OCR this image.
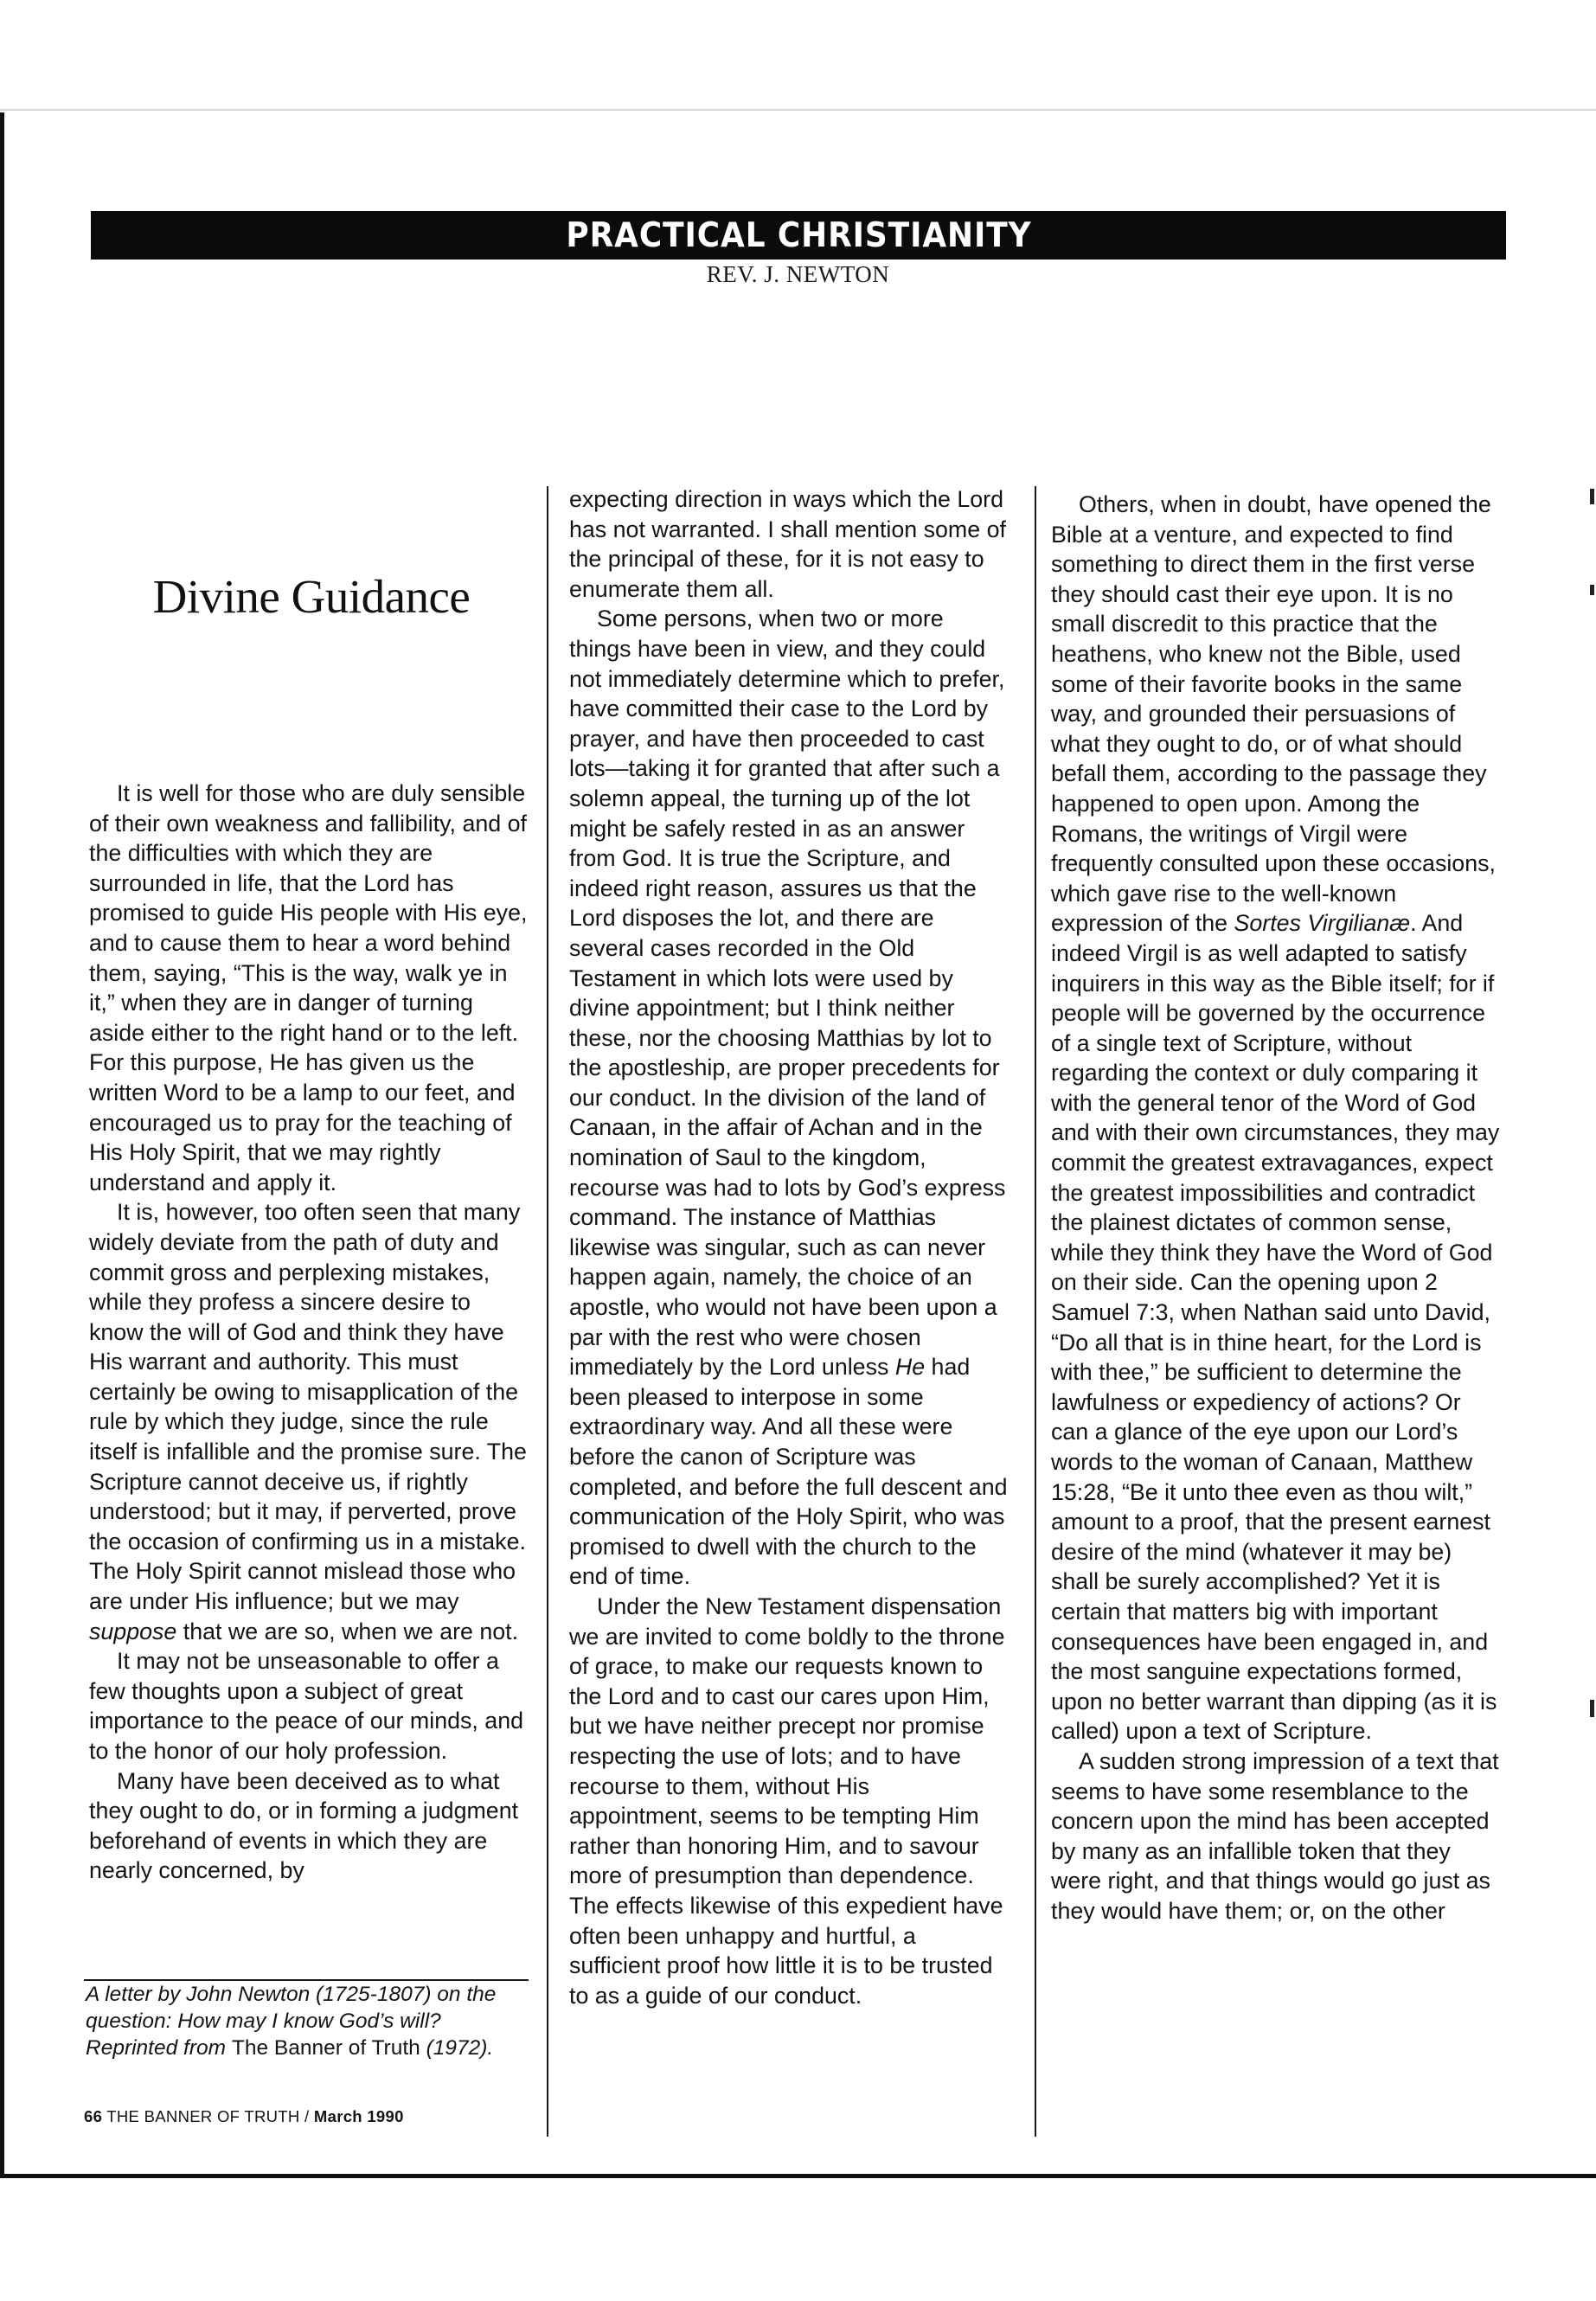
PRACTICAL CHRISTIANITY
REV. J. NEWTON
Divine Guidance

It is well for those who are duly sensible of their own weakness and fallibility, and of the difficulties with which they are surrounded in life, that the Lord has promised to guide His people with His eye, and to cause them to hear a word behind them, saying, “This is the way, walk ye in it,” when they are in danger of turning aside either to the right hand or to the left. For this purpose, He has given us the written Word to be a lamp to our feet, and encouraged us to pray for the teaching of His Holy Spirit, that we may rightly understand and apply it.

It is, however, too often seen that many widely deviate from the path of duty and commit gross and perplexing mistakes, while they profess a sincere desire to know the will of God and think they have His warrant and authority. This must certainly be owing to misapplication of the rule by which they judge, since the rule itself is infallible and the promise sure. The Scripture cannot deceive us, if rightly understood; but it may, if perverted, prove the occasion of confirming us in a mistake. The Holy Spirit cannot mislead those who are under His influence; but we may suppose that we are so, when we are not.

It may not be unseasonable to offer a few thoughts upon a subject of great importance to the peace of our minds, and to the honor of our holy profession.

Many have been deceived as to what they ought to do, or in forming a judgment beforehand of events in which they are nearly concerned, by

A letter by John Newton (1725-1807) on the
question: How may I know God’s will?
Reprinted from The Banner of Truth (1972).
66 THE BANNER OF TRUTH / March 1990

expecting direction in ways which the Lord has not warranted. I shall mention some of the principal of these, for it is not easy to enumerate them all.

Some persons, when two or more things have been in view, and they could not immediately determine which to prefer, have committed their case to the Lord by prayer, and have then proceeded to cast lots—taking it for granted that after such a solemn appeal, the turning up of the lot might be safely rested in as an answer from God. It is true the Scripture, and indeed right reason, assures us that the Lord disposes the lot, and there are several cases recorded in the Old Testament in which lots were used by divine appointment; but I think neither these, nor the choosing Matthias by lot to the apostleship, are proper precedents for our conduct. In the division of the land of Canaan, in the affair of Achan and in the nomination of Saul to the kingdom, recourse was had to lots by God’s express command. The instance of Matthias likewise was singular, such as can never happen again, namely, the choice of an apostle, who would not have been upon a par with the rest who were chosen immediately by the Lord unless He had been pleased to interpose in some extraordinary way. And all these were before the canon of Scripture was completed, and before the full descent and communication of the Holy Spirit, who was promised to dwell with the church to the end of time.

Under the New Testament dispensation we are invited to come boldly to the throne of grace, to make our requests known to the Lord and to cast our cares upon Him, but we have neither precept nor promise respecting the use of lots; and to have recourse to them, without His appointment, seems to be tempting Him rather than honoring Him, and to savour more of presumption than dependence. The effects likewise of this expedient have often been unhappy and hurtful, a sufficient proof how little it is to be trusted to as a guide of our conduct.

Others, when in doubt, have opened the Bible at a venture, and expected to find something to direct them in the first verse they should cast their eye upon. It is no small discredit to this practice that the heathens, who knew not the Bible, used some of their favorite books in the same way, and grounded their persuasions of what they ought to do, or of what should befall them, according to the passage they happened to open upon. Among the Romans, the writings of Virgil were frequently consulted upon these occasions, which gave rise to the well-known expression of the Sortes Virgilianæ. And indeed Virgil is as well adapted to satisfy inquirers in this way as the Bible itself; for if people will be governed by the occurrence of a single text of Scripture, without regarding the context or duly comparing it with the general tenor of the Word of God and with their own circumstances, they may commit the greatest extravagances, expect the greatest impossibilities and contradict the plainest dictates of common sense, while they think they have the Word of God on their side. Can the opening upon 2 Samuel 7:3, when Nathan said unto David, “Do all that is in thine heart, for the Lord is with thee,” be sufficient to determine the lawfulness or expediency of actions? Or can a glance of the eye upon our Lord’s words to the woman of Canaan, Matthew 15:28, “Be it unto thee even as thou wilt,” amount to a proof, that the present earnest desire of the mind (whatever it may be) shall be surely accomplished? Yet it is certain that matters big with important consequences have been engaged in, and the most sanguine expectations formed, upon no better warrant than dipping (as it is called) upon a text of Scripture.

A sudden strong impression of a text that seems to have some resemblance to the concern upon the mind has been accepted by many as an infallible token that they were right, and that things would go just as they would have them; or, on the other
